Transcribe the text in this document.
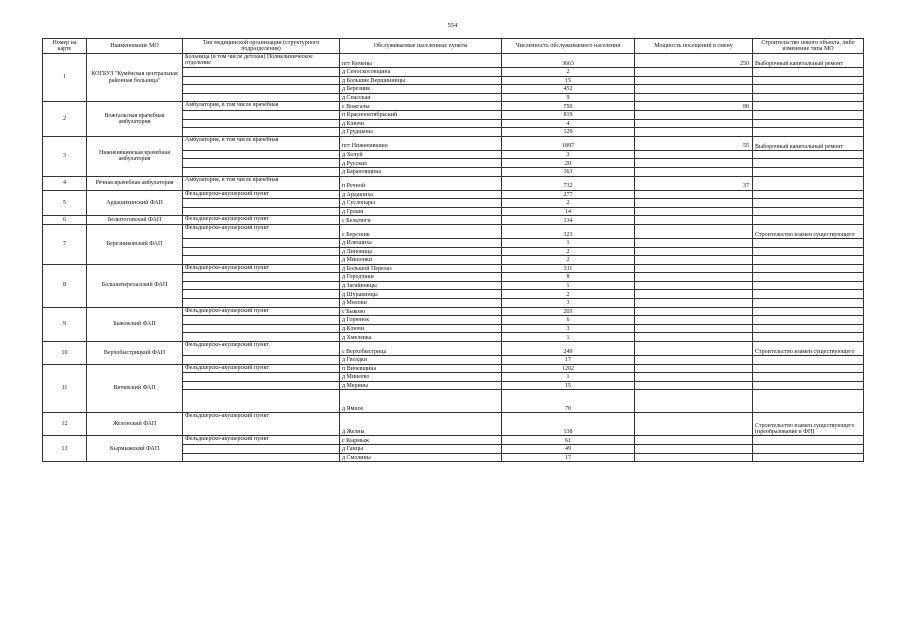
554
Номер на карте	Наименование МО	Тип медицинской организации (структурного подразделения)	Обслуживаемые населенные пункты	Численность обслуживаемого населения	Мощность посещений в смену	Строительство нового объекта, либо изменение типа МО
1	КОГБУЗ "Кумёнская центральная районная больница"	Больница (в том числе детская) Поликлиническое отделение	пгт Кумены	3663	250	Выборочный капитальный ремонт
			д Сеноскосовщина	2		
			д Большие Вершининцы	15		
			д Березник	452		
			д Спасская	9		
2	Вожгальская врачебная амбулатория	Амбулатория, в том числе врачебная	с Вожгалы	750	80	
			п Краснооктябрьский	819		
			д Ключи	4		
			д Грудцыны	129		
3	Нижнеивкинская врачебная амбулатория	Амбулатория, в том числе врачебная	пгт Нижнеивкино	1897	55	Выборочный капитальный ремонт
			д Холуй	3		
			д Русские	20		
			д Барановщина	363		
4	Речная врачебная амбулатория	Амбулатория, в том числе врачебная	п Речной	732	37	
5	Ардашихинский ФАП	Фельдшерско-акушерский пункт	д Ардашиха	277		
			д Суслопары	2		
			д Гроши	14		
6	Бельтюговский ФАП	Фельдшерско-акушерский пункт	с Бельтюги	134		
7	Березниковский ФАП	Фельдшерско-акушерский пункт	с Березник	323		Строительство взамен существующего
			д Илюшиха	1		
			д Липовица	2		
			д Мишонки	2		
8	Большеперелазский ФАП	Фельдшерско-акушерский пункт	д Большой Перелаз	311		
			д Городчики	8		
			д Загайновцы	1		
			д Шуравинцы	2		
			д Молоки	3		
9	Быковский ФАП	Фельдшерско-акушерский пункт	с Быково	203		
			д Горюнок	6		
			д Ключи	3		
			д Хмелевка	1		
10	Верхобыстрицкий ФАП	Фельдшерско-акушерский пункт	с Верхобыстрица	249		Строительство взамен существующего
			д Гвоздки	17		
11	Вичевский ФАП	Фельдшерско-акушерский пункт	п Вичевщина	1202		
			д Минеево	1		
			д Мерины	15		
			д Ямное	70		
12	Желонский ФАП	Фельдшерско-акушерский пункт	д Желны	138		Строительство взамен существующего (преобразование в ФП)
13	Кырмыжский ФАП	Фельдшерско-акушерский пункт	с Кырмыж	61		
			д Ганцы	49		
			д Смолины	17		
